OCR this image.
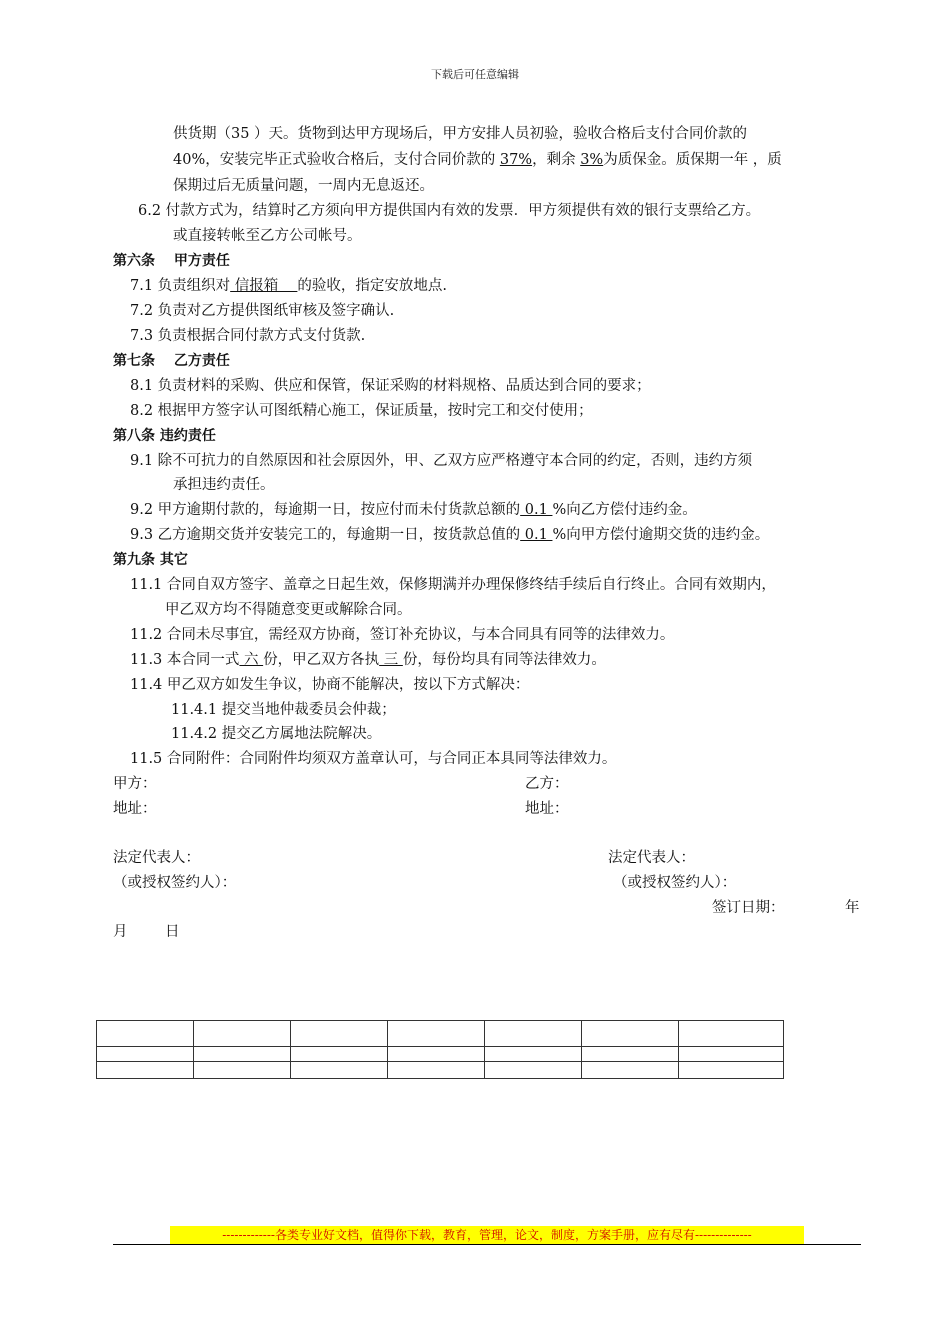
下载后可任意编辑
供货期（35 ）天。货物到达甲方现场后，甲方安排人员初验，验收合格后支付合同价款的
40%，安装完毕正式验收合格后，支付合同价款的 37%，剩余 3%为质保金。质保期一年 ，质
保期过后无质量问题，一周内无息返还。
6.2 付款方式为，结算时乙方须向甲方提供国内有效的发票．甲方须提供有效的银行支票给乙方。
或直接转帐至乙方公司帐号。
第六条　 甲方责任
7.1 负责组织对 信报箱　 的验收，指定安放地点.
7.2 负责对乙方提供图纸审核及签字确认.
7.3 负责根据合同付款方式支付货款.
第七条　 乙方责任
8.1 负责材料的采购、供应和保管，保证采购的材料规格、品质达到合同的要求；
8.2 根据甲方签字认可图纸精心施工，保证质量，按时完工和交付使用；
第八条 违约责任
9.1 除不可抗力的自然原因和社会原因外，甲、乙双方应严格遵守本合同的约定，否则，违约方须
承担违约责任。
9.2 甲方逾期付款的，每逾期一日，按应付而未付货款总额的 0.1 %向乙方偿付违约金。
9.3 乙方逾期交货并安装完工的，每逾期一日，按货款总值的 0.1 %向甲方偿付逾期交货的违约金。
第九条 其它
11.1 合同自双方签字、盖章之日起生效，保修期满并办理保修终结手续后自行终止。合同有效期内，
甲乙双方均不得随意变更或解除合同。
11.2 合同未尽事宜，需经双方协商，签订补充协议，与本合同具有同等的法律效力。
11.3 本合同一式 六 份，甲乙双方各执 三 份，每份均具有同等法律效力。
11.4 甲乙双方如发生争议，协商不能解决，按以下方式解决：
11.4.1 提交当地仲裁委员会仲裁；
11.4.2 提交乙方属地法院解决。
11.5 合同附件：合同附件均须双方盖章认可，与合同正本具同等法律效力。
甲方：	乙方：
地址：	地址：
法定代表人：	法定代表人：
（或授权签约人）：	（或授权签约人）：
签订日期：	年
月	日

-------------各类专业好文档，值得你下载，教育，管理，论文，制度，方案手册，应有尽有--------------
